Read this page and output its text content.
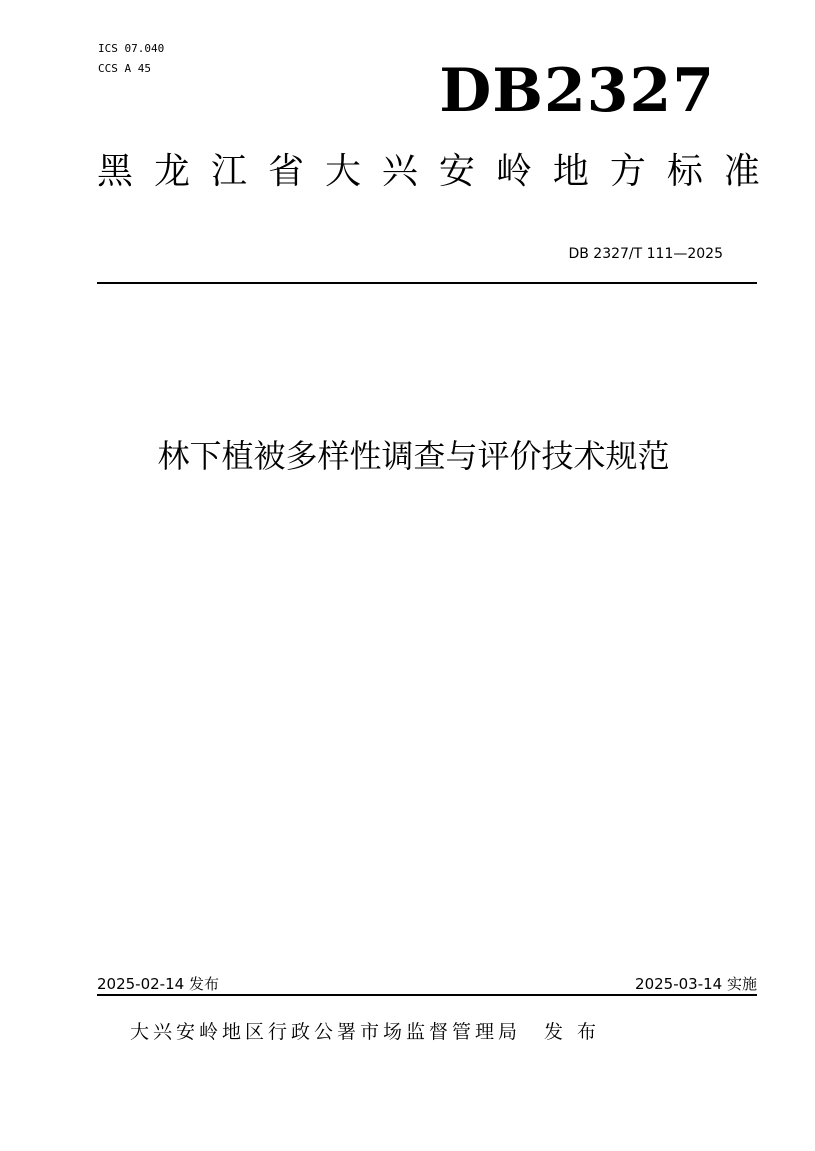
ICS 07.040
CCS A 45	DB2327
黑 龙 江 省 大 兴 安 岭 地 方 标 准
DB 2327/T 111—2025
林下植被多样性调查与评价技术规范
2025-02-14 发布	2025-03-14 实施
大兴安岭地区行政公署市场监督管理局　发 布
